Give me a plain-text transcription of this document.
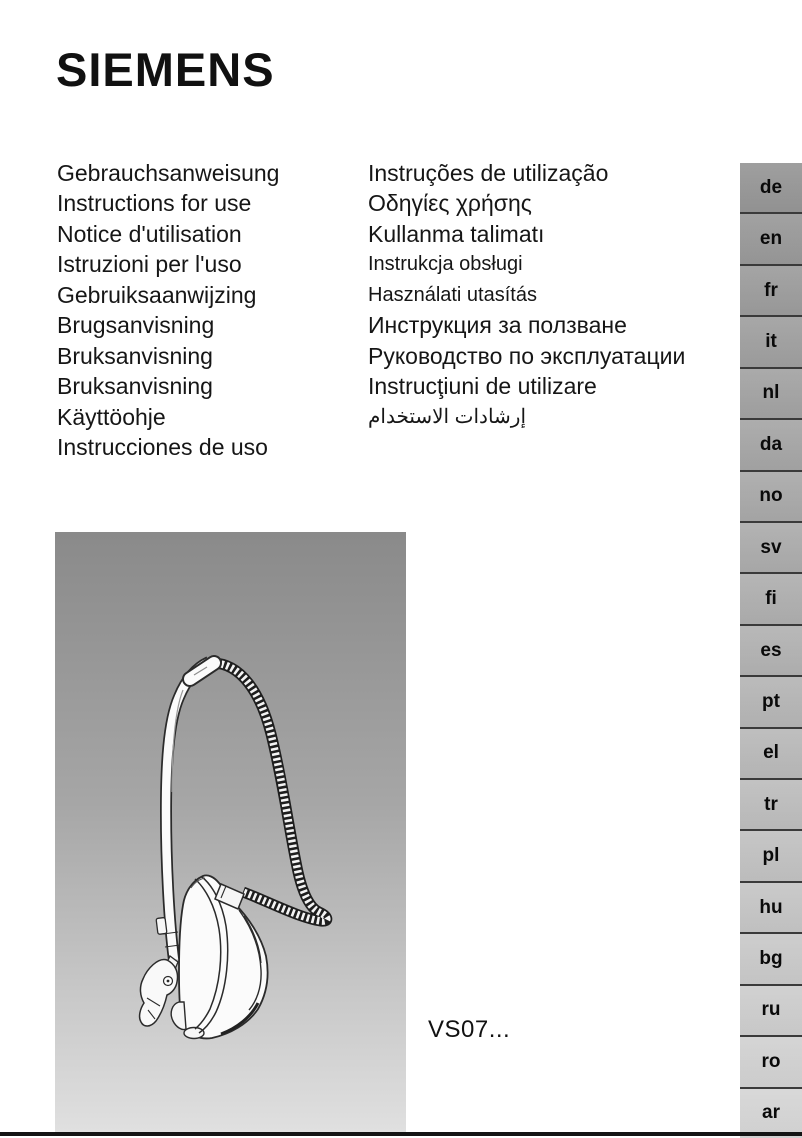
SIEMENS
Gebrauchsanweisung
Instructions for use
Notice d'utilisation
Istruzioni per l'uso
Gebruiksaanwijzing
Brugsanvisning
Bruksanvisning
Bruksanvisning
Käyttöohje
Instrucciones de uso
Instruções de utilização
Οδηγίες χρήσης
Kullanma talimatı
Instrukcja obsługi
Használati utasítás
Инструкция за ползване
Руководство по эксплуатации
Instrucţiuni de utilizare
إرشادات الاستخدام
de
en
fr
it
nl
da
no
sv
fi
es
pt
el
tr
pl
hu
bg
ru
ro
ar
VS07...
